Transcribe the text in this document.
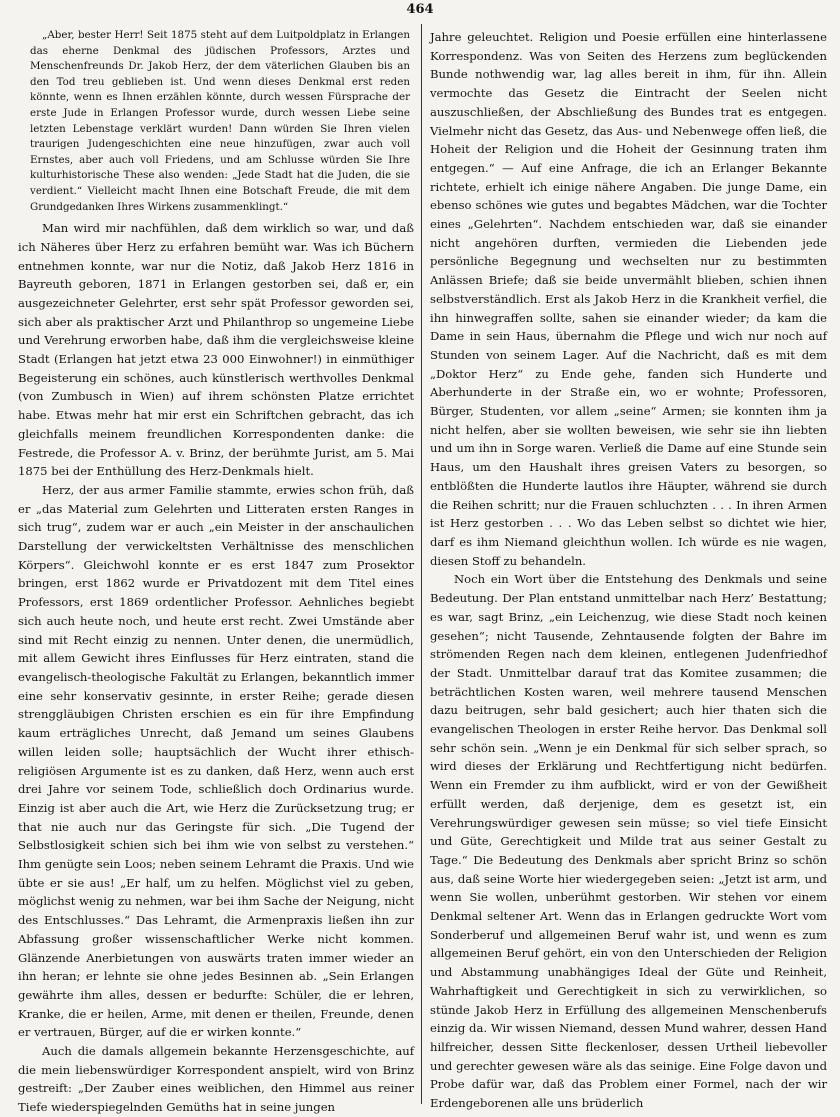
464

„Aber, bester Herr! Seit 1875 steht auf dem Luitpoldplatz in Erlangen das eherne Denkmal des jüdischen Professors, Arztes und Menschenfreunds Dr. Jakob Herz, der dem väterlichen Glauben bis an den Tod treu geblieben ist. Und wenn dieses Denkmal erst reden könnte, wenn es Ihnen erzählen könnte, durch wessen Fürsprache der erste Jude in Erlangen Professor wurde, durch wessen Liebe seine letzten Lebenstage verklärt wurden! Dann würden Sie Ihren vielen traurigen Judengeschichten eine neue hinzufügen, zwar auch voll Ernstes, aber auch voll Friedens, und am Schlusse würden Sie Ihre kulturhistorische These also wenden: „Jede Stadt hat die Juden, die sie verdient.“ Vielleicht macht Ihnen eine Botschaft Freude, die mit dem Grundgedanken Ihres Wirkens zusammenklingt.“

Man wird mir nachfühlen, daß dem wirklich so war, und daß ich Näheres über Herz zu erfahren bemüht war. Was ich Büchern entnehmen konnte, war nur die Notiz, daß Jakob Herz 1816 in Bayreuth geboren, 1871 in Erlangen gestorben sei, daß er, ein ausgezeichneter Gelehrter, erst sehr spät Professor geworden sei, sich aber als praktischer Arzt und Philanthrop so ungemeine Liebe und Verehrung erworben habe, daß ihm die vergleichsweise kleine Stadt (Erlangen hat jetzt etwa 23 000 Einwohner!) in einmüthiger Begeisterung ein schönes, auch künstlerisch werthvolles Denkmal (von Zumbusch in Wien) auf ihrem schönsten Platze errichtet habe. Etwas mehr hat mir erst ein Schriftchen gebracht, das ich gleichfalls meinem freundlichen Korrespondenten danke: die Festrede, die Professor A. v. Brinz, der berühmte Jurist, am 5. Mai 1875 bei der Enthüllung des Herz-Denkmals hielt.

Herz, der aus armer Familie stammte, erwies schon früh, daß er „das Material zum Gelehrten und Litteraten ersten Ranges in sich trug“, zudem war er auch „ein Meister in der anschaulichen Darstellung der verwickeltsten Verhältnisse des menschlichen Körpers“. Gleichwohl konnte er es erst 1847 zum Prosektor bringen, erst 1862 wurde er Privatdozent mit dem Titel eines Professors, erst 1869 ordentlicher Professor. Aehnliches begiebt sich auch heute noch, und heute erst recht. Zwei Umstände aber sind mit Recht einzig zu nennen. Unter denen, die unermüdlich, mit allem Gewicht ihres Einflusses für Herz eintraten, stand die evangelisch-theologische Fakultät zu Erlangen, bekanntlich immer eine sehr konservativ gesinnte, in erster Reihe; gerade diesen strenggläubigen Christen erschien es ein für ihre Empfindung kaum erträgliches Unrecht, daß Jemand um seines Glaubens willen leiden solle; hauptsächlich der Wucht ihrer ethisch-religiösen Argumente ist es zu danken, daß Herz, wenn auch erst drei Jahre vor seinem Tode, schließlich doch Ordinarius wurde. Einzig ist aber auch die Art, wie Herz die Zurücksetzung trug; er that nie auch nur das Geringste für sich. „Die Tugend der Selbstlosigkeit schien sich bei ihm wie von selbst zu verstehen.“ Ihm genügte sein Loos; neben seinem Lehramt die Praxis. Und wie übte er sie aus! „Er half, um zu helfen. Möglichst viel zu geben, möglichst wenig zu nehmen, war bei ihm Sache der Neigung, nicht des Entschlusses.“ Das Lehramt, die Armenpraxis ließen ihn zur Abfassung großer wissenschaftlicher Werke nicht kommen. Glänzende Anerbietungen von auswärts traten immer wieder an ihn heran; er lehnte sie ohne jedes Besinnen ab. „Sein Erlangen gewährte ihm alles, dessen er bedurfte: Schüler, die er lehren, Kranke, die er heilen, Arme, mit denen er theilen, Freunde, denen er vertrauen, Bürger, auf die er wirken konnte.“

Auch die damals allgemein bekannte Herzensgeschichte, auf die mein liebenswürdiger Korrespondent anspielt, wird von Brinz gestreift: „Der Zauber eines weiblichen, den Himmel aus reiner Tiefe wiederspiegelnden Gemüths hat in seine jungen

Jahre geleuchtet. Religion und Poesie erfüllen eine hinterlassene Korrespondenz. Was von Seiten des Herzens zum beglückenden Bunde nothwendig war, lag alles bereit in ihm, für ihn. Allein vermochte das Gesetz die Eintracht der Seelen nicht auszuschließen, der Abschließung des Bundes trat es entgegen. Vielmehr nicht das Gesetz, das Aus- und Nebenwege offen ließ, die Hoheit der Religion und die Hoheit der Gesinnung traten ihm entgegen.“ — Auf eine Anfrage, die ich an Erlanger Bekannte richtete, erhielt ich einige nähere Angaben. Die junge Dame, ein ebenso schönes wie gutes und begabtes Mädchen, war die Tochter eines „Gelehrten“. Nachdem entschieden war, daß sie einander nicht angehören durften, vermieden die Liebenden jede persönliche Begegnung und wechselten nur zu bestimmten Anlässen Briefe; daß sie beide unvermählt blieben, schien ihnen selbstverständlich. Erst als Jakob Herz in die Krankheit verfiel, die ihn hinwegraffen sollte, sahen sie einander wieder; da kam die Dame in sein Haus, übernahm die Pflege und wich nur noch auf Stunden von seinem Lager. Auf die Nachricht, daß es mit dem „Doktor Herz“ zu Ende gehe, fanden sich Hunderte und Aberhunderte in der Straße ein, wo er wohnte; Professoren, Bürger, Studenten, vor allem „seine“ Armen; sie konnten ihm ja nicht helfen, aber sie wollten beweisen, wie sehr sie ihn liebten und um ihn in Sorge waren. Verließ die Dame auf eine Stunde sein Haus, um den Haushalt ihres greisen Vaters zu besorgen, so entblößten die Hunderte lautlos ihre Häupter, während sie durch die Reihen schritt; nur die Frauen schluchzten . . . In ihren Armen ist Herz gestorben . . . Wo das Leben selbst so dichtet wie hier, darf es ihm Niemand gleichthun wollen. Ich würde es nie wagen, diesen Stoff zu behandeln.

Noch ein Wort über die Entstehung des Denkmals und seine Bedeutung. Der Plan entstand unmittelbar nach Herz’ Bestattung; es war, sagt Brinz, „ein Leichenzug, wie diese Stadt noch keinen gesehen“; nicht Tausende, Zehntausende folgten der Bahre im strömenden Regen nach dem kleinen, entlegenen Judenfriedhof der Stadt. Unmittelbar darauf trat das Komitee zusammen; die beträchtlichen Kosten waren, weil mehrere tausend Menschen dazu beitrugen, sehr bald gesichert; auch hier thaten sich die evangelischen Theologen in erster Reihe hervor. Das Denkmal soll sehr schön sein. „Wenn je ein Denkmal für sich selber sprach, so wird dieses der Erklärung und Rechtfertigung nicht bedürfen. Wenn ein Fremder zu ihm aufblickt, wird er von der Gewißheit erfüllt werden, daß derjenige, dem es gesetzt ist, ein Verehrungswürdiger gewesen sein müsse; so viel tiefe Einsicht und Güte, Gerechtigkeit und Milde trat aus seiner Gestalt zu Tage.“ Die Bedeutung des Denkmals aber spricht Brinz so schön aus, daß seine Worte hier wiedergegeben seien: „Jetzt ist arm, und wenn Sie wollen, unberühmt gestorben. Wir stehen vor einem Denkmal seltener Art. Wenn das in Erlangen gedruckte Wort vom Sonderberuf und allgemeinen Beruf wahr ist, und wenn es zum allgemeinen Beruf gehört, ein von den Unterschieden der Religion und Abstammung unabhängiges Ideal der Güte und Reinheit, Wahrhaftigkeit und Gerechtigkeit in sich zu verwirklichen, so stünde Jakob Herz in Erfüllung des allgemeinen Menschenberufs einzig da. Wir wissen Niemand, dessen Mund wahrer, dessen Hand hilfreicher, dessen Sitte fleckenloser, dessen Urtheil liebevoller und gerechter gewesen wäre als das seinige. Eine Folge davon und Probe dafür war, daß das Problem einer Formel, nach der wir Erdengeborenen alle uns brüderlich
